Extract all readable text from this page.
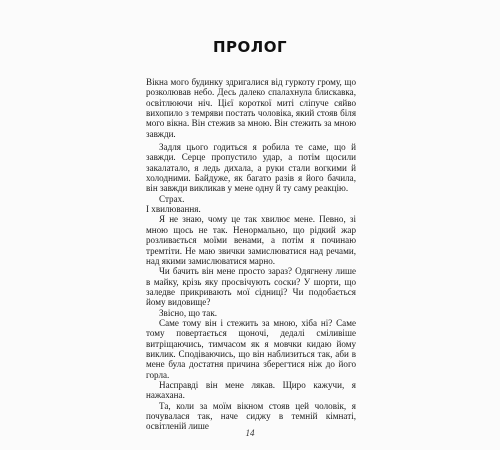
ПРОЛОГ

Вікна мого будинку здригалися від гуркоту грому, що розколював небо. Десь далеко спалахнула блискавка, освітлюючи ніч. Цієї короткої миті сліпуче сяйво вихопило з темряви постать чоловіка, який стояв біля мого вікна. Він стежив за мною. Він стежить за мною завжди.

Задля цього годиться я робила те саме, що й завжди. Серце пропустило удар, а потім щосили закалатало, я ледь дихала, а руки стали вогкими й холодними. Байдуже, як багато разів я його бачила, він завжди викликав у мене одну й ту саму реакцію.

Страх.

І хвилювання.

Я не знаю, чому це так хвилює мене. Певно, зі мною щось не так. Ненормально, що рідкий жар розливається моїми венами, а потім я починаю тремтіти. Не маю звички замислюватися над речами, над якими замислюватися марно.

Чи бачить він мене просто зараз? Одягнену лише в майку, крізь яку просвічують соски? У шорти, що заледве прикривають мої сідниці? Чи подобається йому видовище?

Звісно, що так.

Саме тому він і стежить за мною, хіба ні? Саме тому повертається щоночі, дедалі сміливіше витріщаючись, тимчасом як я мовчки кидаю йому виклик. Сподіваючись, що він наблизиться так, аби в мене була достатня причина зберегтися ніж до його горла.

Насправді він мене лякав. Щиро кажучи, я нажахана.

Та, коли за моїм вікном стояв цей чоловік, я почувалася так, наче сиджу в темній кімнаті, освітленій лише

14
